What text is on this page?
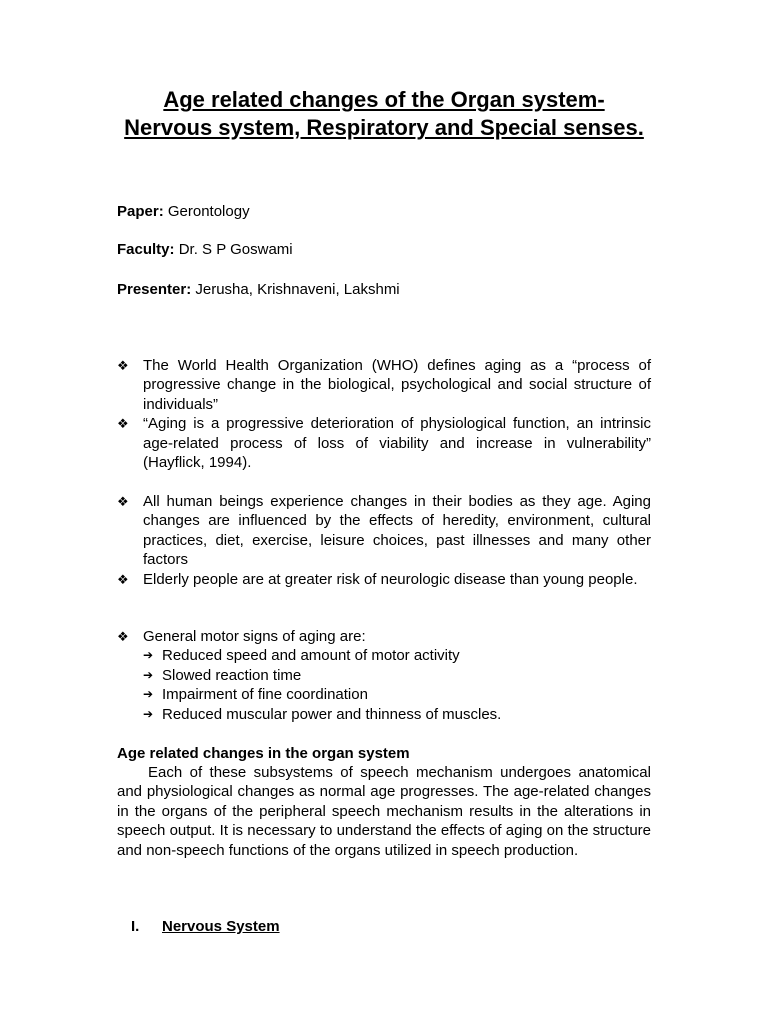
Age related changes of the Organ system- Nervous system, Respiratory and Special senses.
Paper: Gerontology
Faculty: Dr. S P Goswami
Presenter: Jerusha, Krishnaveni, Lakshmi
❖ The World Health Organization (WHO) defines aging as a “process of progressive change in the biological, psychological and social structure of individuals”
❖ “Aging is a progressive deterioration of physiological function, an intrinsic age-related process of loss of viability and increase in vulnerability” (Hayflick, 1994).
❖ All human beings experience changes in their bodies as they age. Aging changes are influenced by the effects of heredity, environment, cultural practices, diet, exercise, leisure choices, past illnesses and many other factors
❖ Elderly people are at greater risk of neurologic disease than young people.
❖ General motor signs of aging are:
➔ Reduced speed and amount of motor activity
➔ Slowed reaction time
➔ Impairment of fine coordination
➔ Reduced muscular power and thinness of muscles.
Age related changes in the organ system
Each of these subsystems of speech mechanism undergoes anatomical and physiological changes as normal age progresses. The age-related changes in the organs of the peripheral speech mechanism results in the alterations in speech output. It is necessary to understand the effects of aging on the structure and non-speech functions of the organs utilized in speech production.
I. Nervous System
